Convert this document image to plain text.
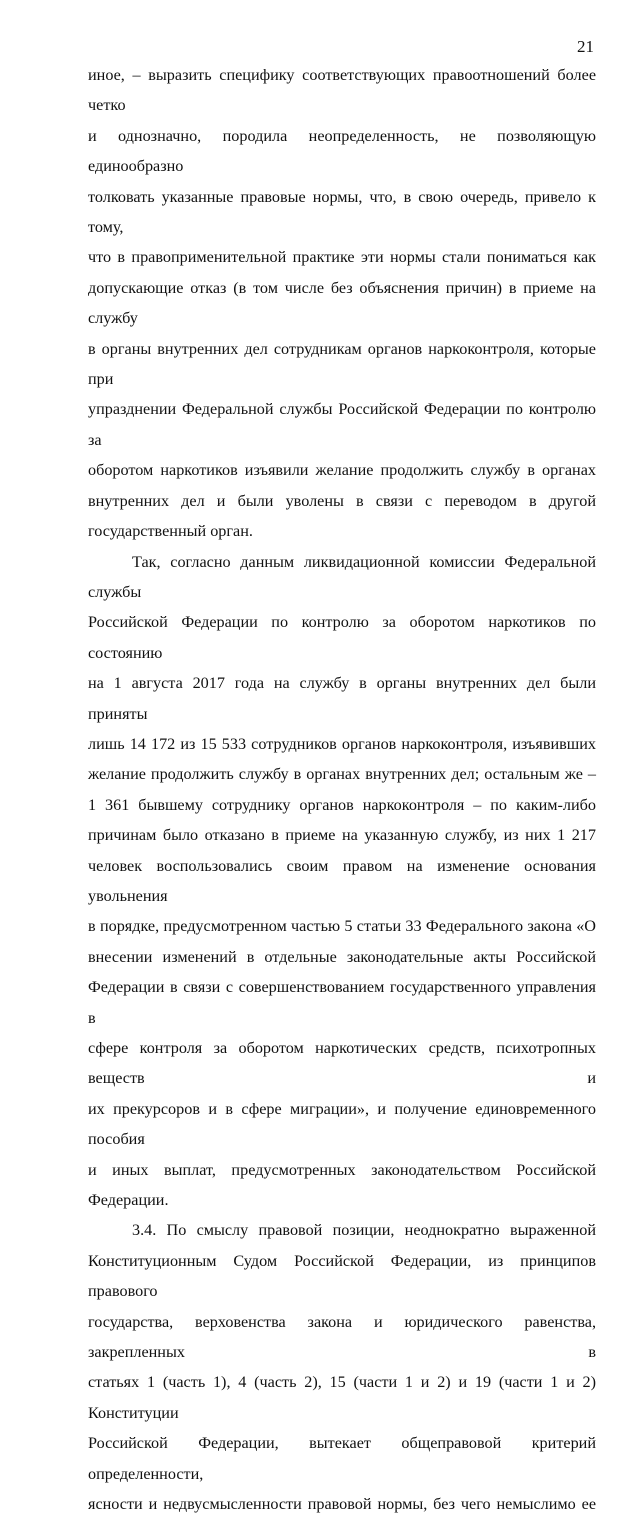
21

иное, – выразить специфику соответствующих правоотношений более четко

и однозначно, породила неопределенность, не позволяющую единообразно

толковать указанные правовые нормы, что, в свою очередь, привело к тому,

что в правоприменительной практике эти нормы стали пониматься как

допускающие отказ (в том числе без объяснения причин) в приеме на службу

в органы внутренних дел сотрудникам органов наркоконтроля, которые при

упразднении Федеральной службы Российской Федерации по контролю за

оборотом наркотиков изъявили желание продолжить службу в органах

внутренних дел и были уволены в связи с переводом в другой

государственный орган.

Так, согласно данным ликвидационной комиссии Федеральной службы

Российской Федерации по контролю за оборотом наркотиков по состоянию

на 1 августа 2017 года на службу в органы внутренних дел были приняты

лишь 14 172 из 15 533 сотрудников органов наркоконтроля, изъявивших

желание продолжить службу в органах внутренних дел; остальным же –

1 361 бывшему сотруднику органов наркоконтроля – по каким-либо

причинам было отказано в приеме на указанную службу, из них 1 217

человек воспользовались своим правом на изменение основания увольнения

в порядке, предусмотренном частью 5 статьи 33 Федерального закона «О

внесении изменений в отдельные законодательные акты Российской

Федерации в связи с совершенствованием государственного управления в

сфере контроля за оборотом наркотических средств, психотропных веществ и

их прекурсоров и в сфере миграции», и получение единовременного пособия

и иных выплат, предусмотренных законодательством Российской Федерации.

3.4. По смыслу правовой позиции, неоднократно выраженной

Конституционным Судом Российской Федерации, из принципов правового

государства, верховенства закона и юридического равенства, закрепленных в

статьях 1 (часть 1), 4 (часть 2), 15 (части 1 и 2) и 19 (части 1 и 2) Конституции

Российской Федерации, вытекает общеправовой критерий определенности,

ясности и недвусмысленности правовой нормы, без чего немыслимо ее
